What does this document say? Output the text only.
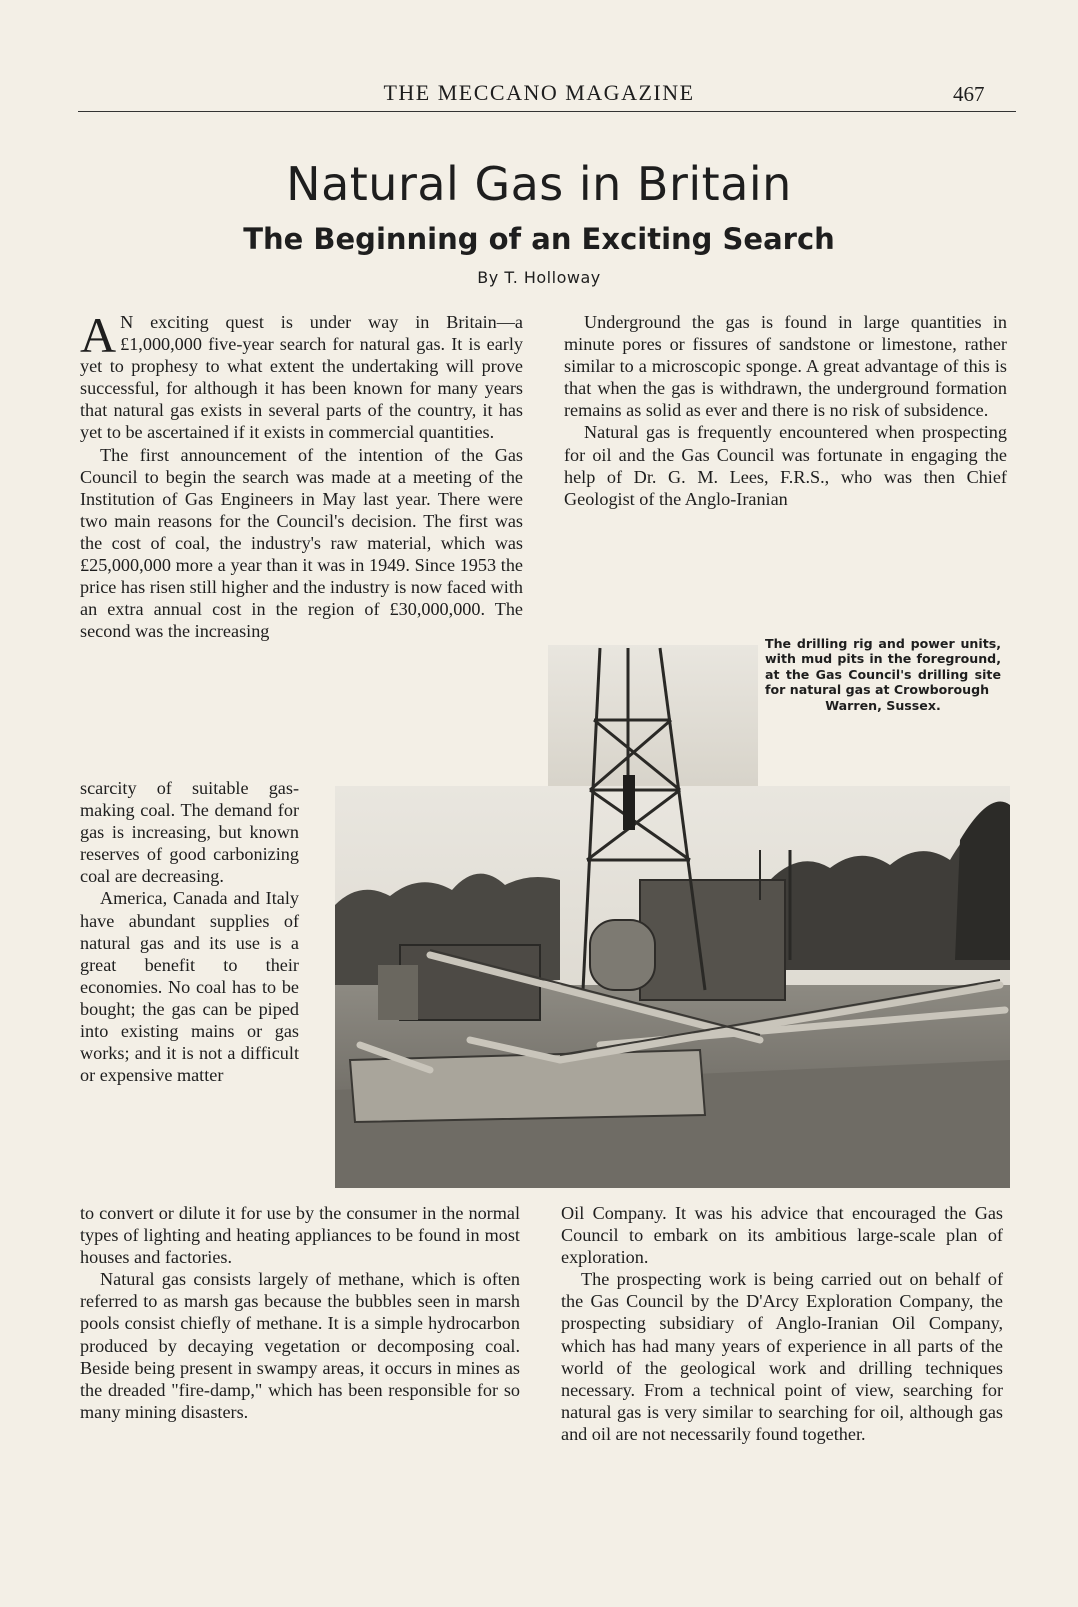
THE MECCANO MAGAZINE	467
Natural Gas in Britain
The Beginning of an Exciting Search
By T. Holloway
The drilling rig and power units, with mud pits in the foreground, at the Gas Council's drilling site for natural gas at Crowborough
Warren, Sussex.

A N exciting quest is under way in Britain—a £1,000,000 five-year search for natural gas. It is early yet to prophesy to what extent the undertaking will prove successful, for although it has been known for many years that natural gas exists in several parts of the country, it has yet to be ascertained if it exists in commercial quantities.

The first announcement of the intention of the Gas Council to begin the search was made at a meeting of the Institution of Gas Engineers in May last year. There were two main reasons for the Council's decision. The first was the cost of coal, the industry's raw material, which was £25,000,000 more a year than it was in 1949. Since 1953 the price has risen still higher and the industry is now faced with an extra annual cost in the region of £30,000,000. The second was the increasing

scarcity of suitable gas-making coal. The demand for gas is increasing, but known reserves of good carbonizing coal are decreasing.

America, Canada and Italy have abundant supplies of natural gas and its use is a great benefit to their economies. No coal has to be bought; the gas can be piped into existing mains or gas works; and it is not a difficult or expensive matter

to convert or dilute it for use by the consumer in the normal types of lighting and heating appliances to be found in most houses and factories.

Natural gas consists largely of methane, which is often referred to as marsh gas because the bubbles seen in marsh pools consist chiefly of methane. It is a simple hydrocarbon produced by decaying vegetation or decomposing coal. Beside being present in swampy areas, it occurs in mines as the dreaded "fire-damp," which has been responsible for so many mining disasters.

Underground the gas is found in large quantities in minute pores or fissures of sandstone or limestone, rather similar to a microscopic sponge. A great advantage of this is that when the gas is withdrawn, the underground formation remains as solid as ever and there is no risk of subsidence.

Natural gas is frequently encountered when prospecting for oil and the Gas Council was fortunate in engaging the help of Dr. G. M. Lees, F.R.S., who was then Chief Geologist of the Anglo-Iranian

Oil Company. It was his advice that encouraged the Gas Council to embark on its ambitious large-scale plan of exploration.

The prospecting work is being carried out on behalf of the Gas Council by the D'Arcy Exploration Company, the prospecting subsidiary of Anglo-Iranian Oil Company, which has had many years of experience in all parts of the world of the geological work and drilling techniques necessary. From a technical point of view, searching for natural gas is very similar to searching for oil, although gas and oil are not necessarily found together.
